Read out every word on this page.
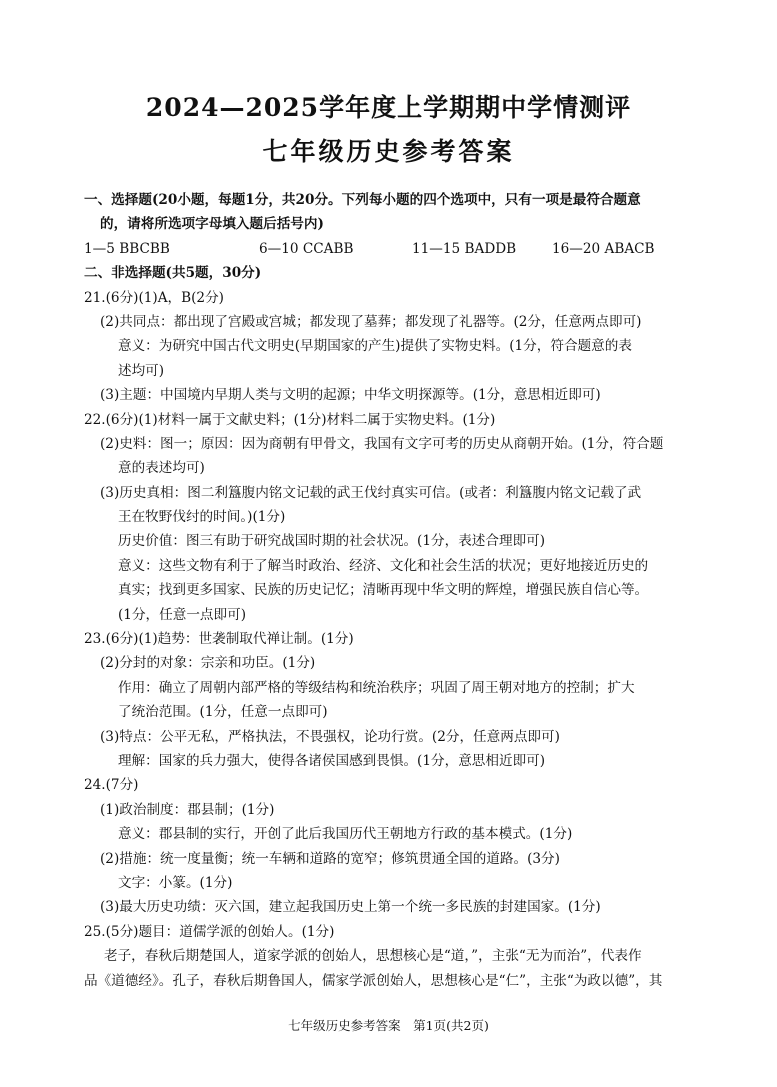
2024—2025学年度上学期期中学情测评
七年级历史参考答案
一、选择题(20小题，每题1分，共20分。下列每小题的四个选项中，只有一项是最符合题意
的，请将所选项字母填入题后括号内)
1—5 BBCBB	6—10 CCABB	11—15 BADDB	16—20 ABACB
二、非选择题(共5题，30分)
21.(6分)(1)A，B(2分)
(2)共同点：都出现了宫殿或宫城；都发现了墓葬；都发现了礼器等。(2分，任意两点即可)
意义：为研究中国古代文明史(早期国家的产生)提供了实物史料。(1分，符合题意的表
述均可)
(3)主题：中国境内早期人类与文明的起源；中华文明探源等。(1分，意思相近即可)
22.(6分)(1)材料一属于文献史料；(1分)材料二属于实物史料。(1分)
(2)史料：图一；原因：因为商朝有甲骨文，我国有文字可考的历史从商朝开始。(1分，符合题
意的表述均可)
(3)历史真相：图二利簋腹内铭文记载的武王伐纣真实可信。(或者：利簋腹内铭文记载了武
王在牧野伐纣的时间。)(1分)
历史价值：图三有助于研究战国时期的社会状况。(1分，表述合理即可)
意义：这些文物有利于了解当时政治、经济、文化和社会生活的状况；更好地接近历史的
真实；找到更多国家、民族的历史记忆；清晰再现中华文明的辉煌，增强民族自信心等。
(1分，任意一点即可)
23.(6分)(1)趋势：世袭制取代禅让制。(1分)
(2)分封的对象：宗亲和功臣。(1分)
作用：确立了周朝内部严格的等级结构和统治秩序；巩固了周王朝对地方的控制；扩大
了统治范围。(1分，任意一点即可)
(3)特点：公平无私，严格执法，不畏强权，论功行赏。(2分，任意两点即可)
理解：国家的兵力强大，使得各诸侯国感到畏惧。(1分，意思相近即可)
24.(7分)
(1)政治制度：郡县制；(1分)
意义：郡县制的实行，开创了此后我国历代王朝地方行政的基本模式。(1分)
(2)措施：统一度量衡；统一车辆和道路的宽窄；修筑贯通全国的道路。(3分)
文字：小篆。(1分)
(3)最大历史功绩：灭六国，建立起我国历史上第一个统一多民族的封建国家。(1分)
25.(5分)题目：道儒学派的创始人。(1分)
老子，春秋后期楚国人，道家学派的创始人，思想核心是“道，”，主张“无为而治”，代表作
品《道德经》。孔子，春秋后期鲁国人，儒家学派创始人，思想核心是“仁”，主张“为政以德”，其
七年级历史参考答案　第1页(共2页)
